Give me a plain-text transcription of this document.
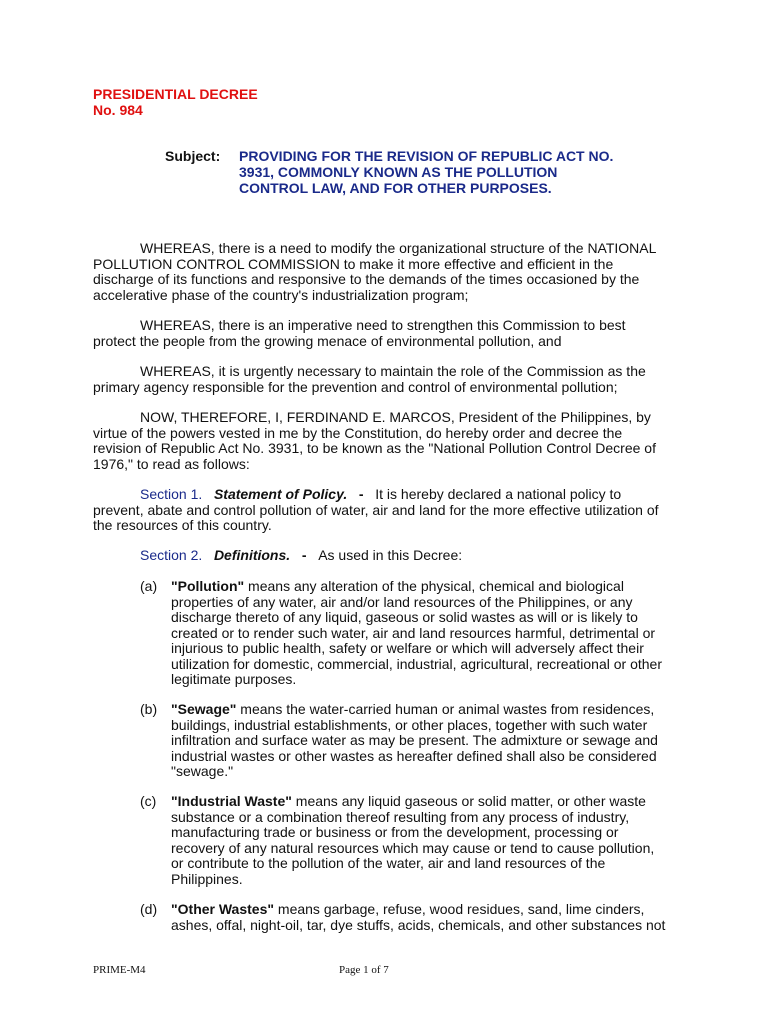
PRESIDENTIAL DECREE
No. 984
Subject: PROVIDING FOR THE REVISION OF REPUBLIC ACT NO.
3931, COMMONLY KNOWN AS THE POLLUTION
CONTROL LAW, AND FOR OTHER PURPOSES.
WHEREAS, there is a need to modify the organizational structure of the NATIONAL
POLLUTION CONTROL COMMISSION to make it more effective and efficient in the
discharge of its functions and responsive to the demands of the times occasioned by the
accelerative phase of the country's industrialization program;
WHEREAS, there is an imperative need to strengthen this Commission to best
protect the people from the growing menace of environmental pollution, and
WHEREAS, it is urgently necessary to maintain the role of the Commission as the
primary agency responsible for the prevention and control of environmental pollution;
NOW, THEREFORE, I, FERDINAND E. MARCOS, President of the Philippines, by
virtue of the powers vested in me by the Constitution, do hereby order and decree the
revision of Republic Act No. 3931, to be known as the "National Pollution Control Decree of
1976," to read as follows:
Section 1. Statement of Policy. - It is hereby declared a national policy to
prevent, abate and control pollution of water, air and land for the more effective utilization of
the resources of this country.
Section 2. Definitions. - As used in this Decree:
(a) "Pollution" means any alteration of the physical, chemical and biological
properties of any water, air and/or land resources of the Philippines, or any
discharge thereto of any liquid, gaseous or solid wastes as will or is likely to
created or to render such water, air and land resources harmful, detrimental or
injurious to public health, safety or welfare or which will adversely affect their
utilization for domestic, commercial, industrial, agricultural, recreational or other
legitimate purposes.
(b) "Sewage" means the water-carried human or animal wastes from residences,
buildings, industrial establishments, or other places, together with such water
infiltration and surface water as may be present. The admixture or sewage and
industrial wastes or other wastes as hereafter defined shall also be considered
"sewage."
(c) "Industrial Waste" means any liquid gaseous or solid matter, or other waste
substance or a combination thereof resulting from any process of industry,
manufacturing trade or business or from the development, processing or
recovery of any natural resources which may cause or tend to cause pollution,
or contribute to the pollution of the water, air and land resources of the
Philippines.
(d) "Other Wastes" means garbage, refuse, wood residues, sand, lime cinders,
ashes, offal, night-oil, tar, dye stuffs, acids, chemicals, and other substances not
PRIME-M4	Page 1 of 7
